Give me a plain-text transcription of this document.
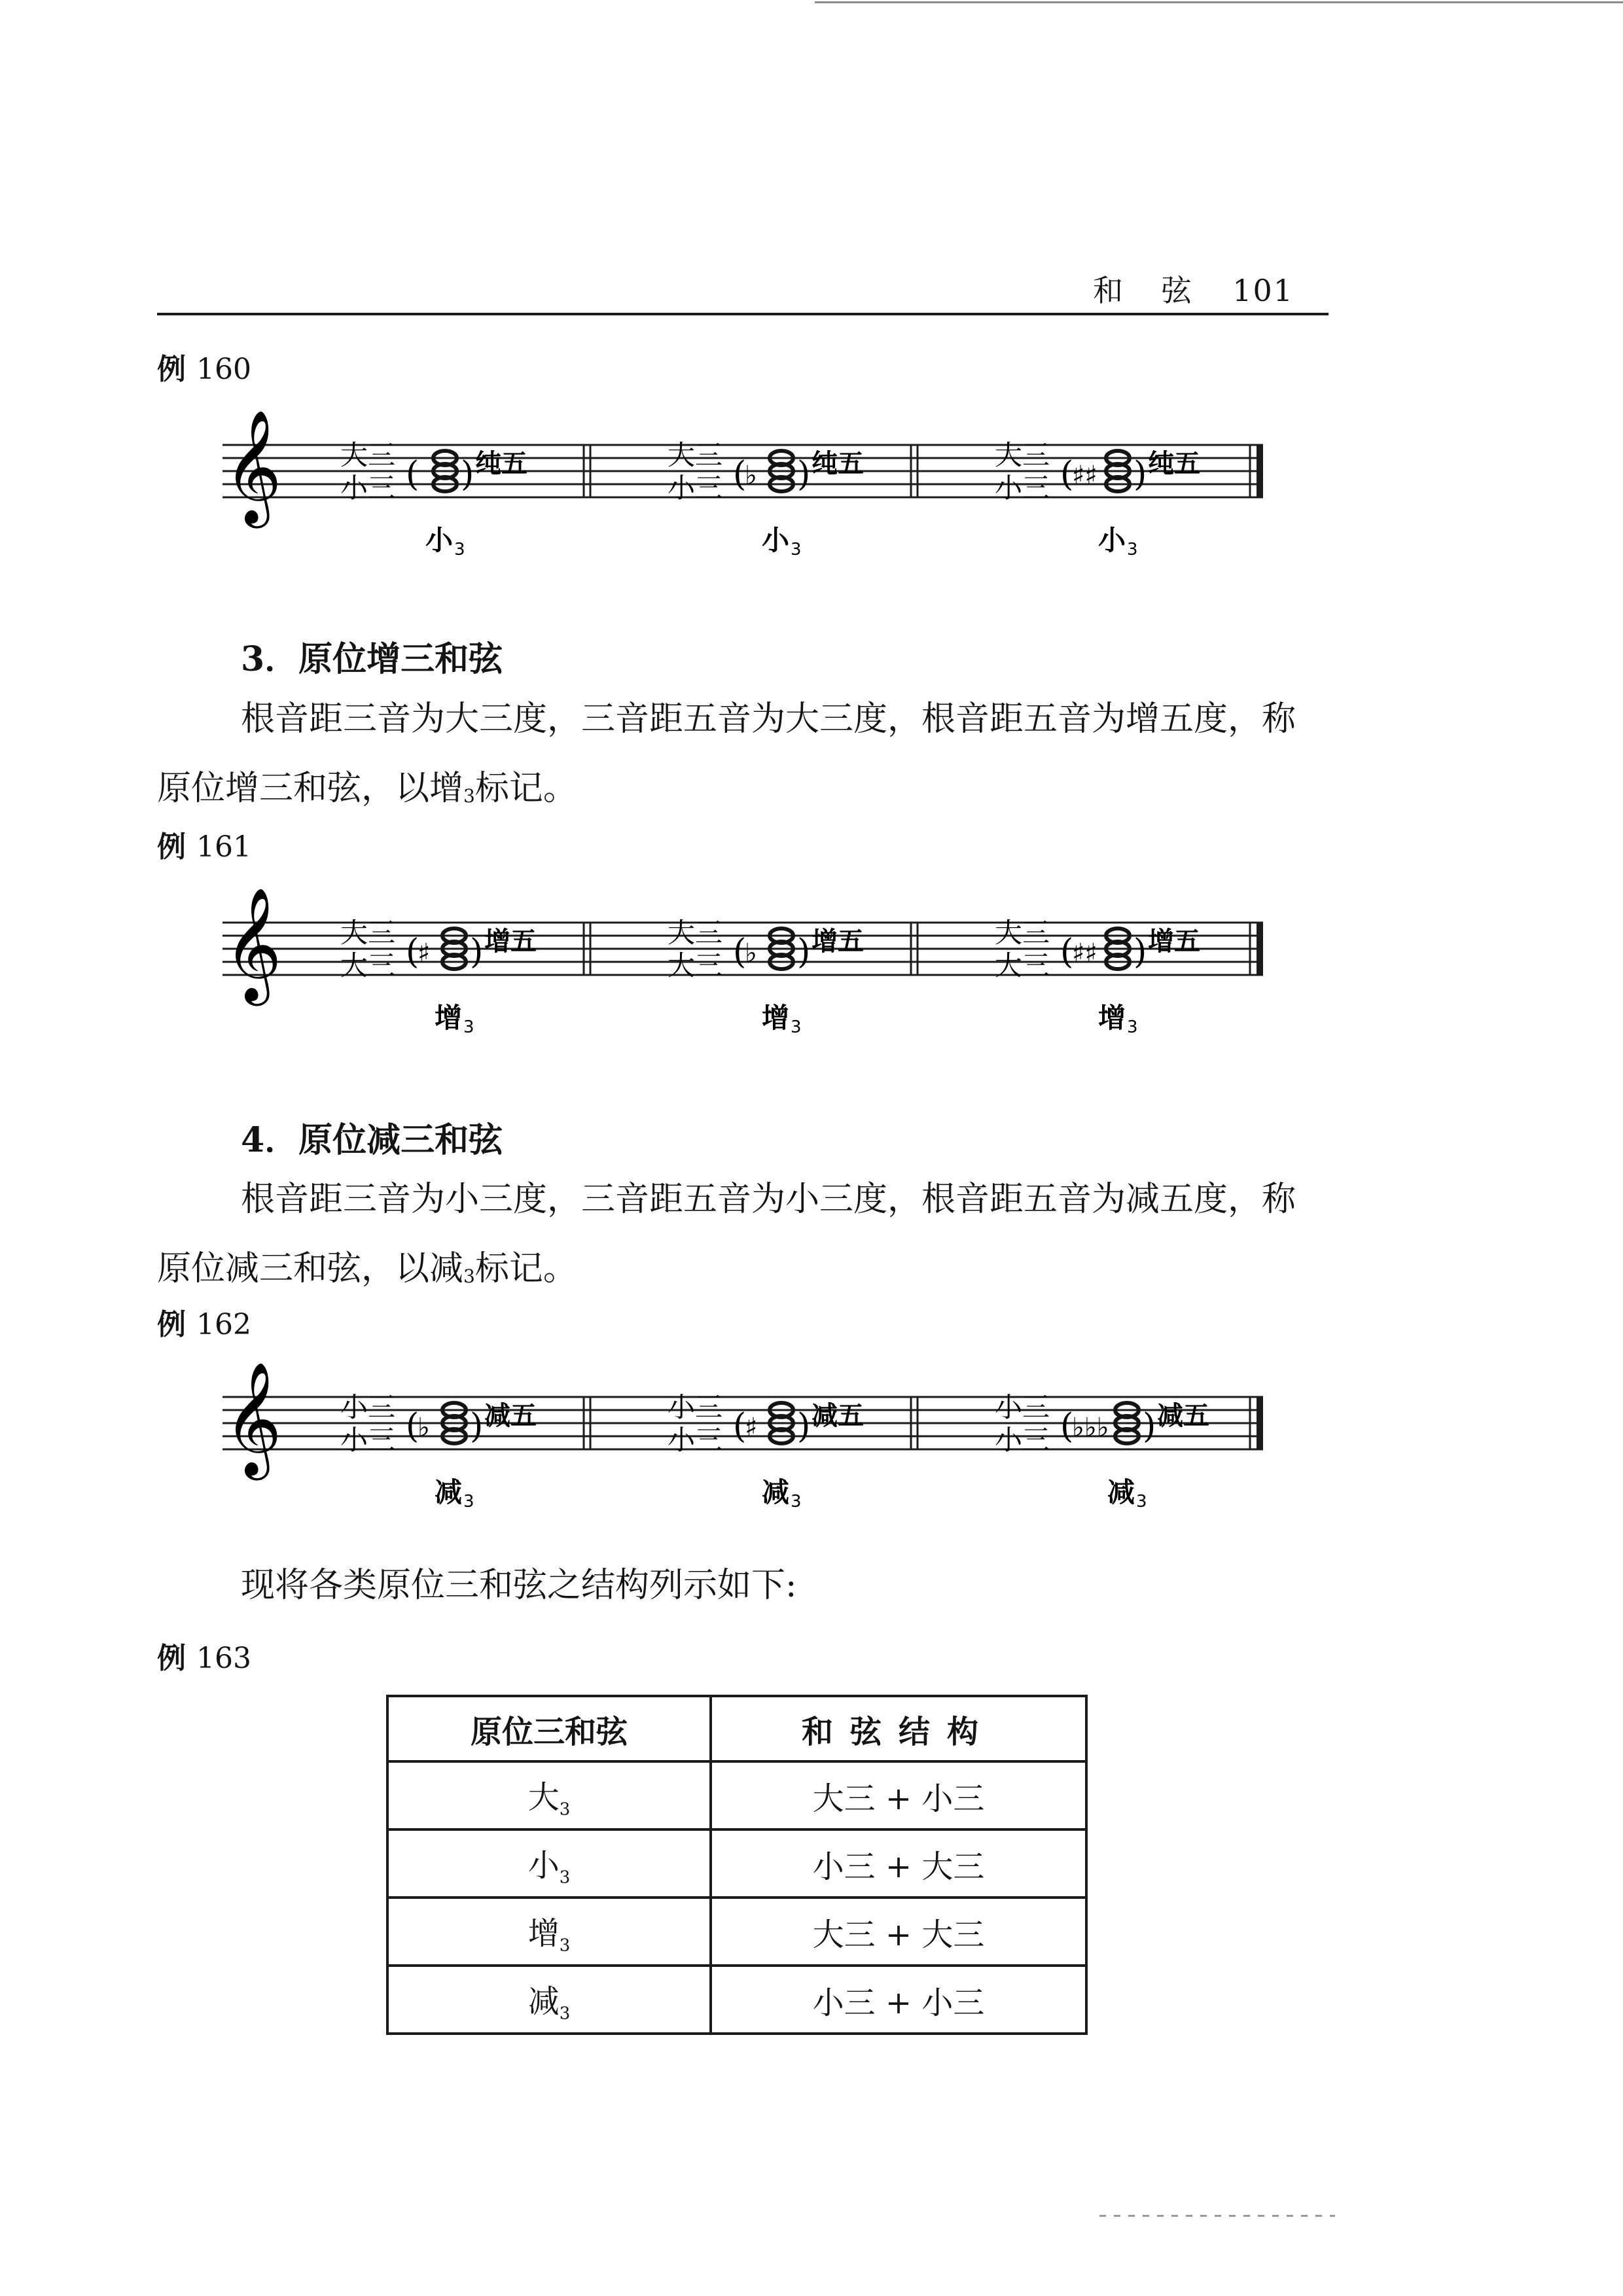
和 弦 101
例 160
𝄞 大三
小三 ( ) 纯五
小 3
大三
小三 (
♭ ) 纯五
小 3
大三
小三 (
♯♯ ) 纯五
小 3
3．原位增三和弦
根音距三音为大三度，三音距五音为大三度，根音距五音为增五度，称原位增三和弦，以增$_3$标记。
例 161
𝄞 大三
大三 (
♯ ) 增五
增 3
大三
大三 (
♭ ) 增五
增 3
大三
大三 (
♯♯ ) 增五
增 3
4．原位减三和弦
根音距三音为小三度，三音距五音为小三度，根音距五音为减五度，称原位减三和弦，以减$_3$标记。
例 162
𝄞 小三
小三 (
♭ ) 减五
减 3
小三
小三 (
♯ ) 减五
减 3
小三
小三 (
♭♭♭ ) 减五
减 3
现将各类原位三和弦之结构列示如下:
例 163
原位三和弦	和弦结构
大$_3$	大三 + 小三
小$_3$	小三 + 大三
增$_3$	大三 + 大三
减$_3$	小三 + 小三
